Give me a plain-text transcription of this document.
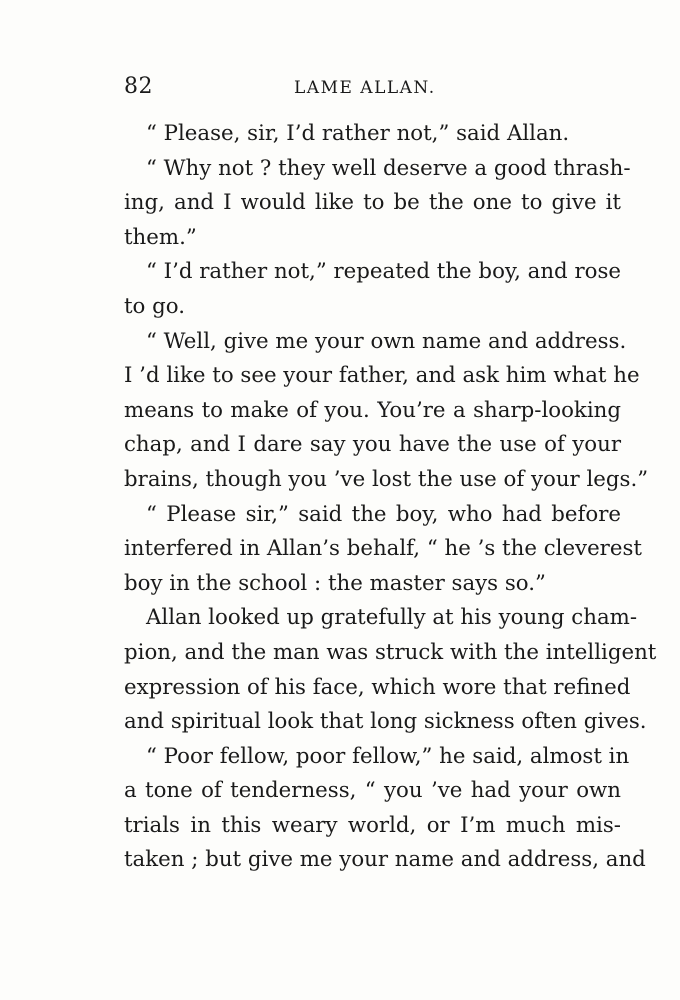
82	LAME ALLAN.
“ Please, sir, I’d rather not,” said Allan.
“ Why not ? they well deserve a good thrash-
ing, and I would like to be the one to give it
them.”
“ I’d rather not,” repeated the boy, and rose
to go.
“ Well, give me your own name and address.
I ’d like to see your father, and ask him what he
means to make of you. You’re a sharp-looking
chap, and I dare say you have the use of your
brains, though you ’ve lost the use of your legs.”
“ Please sir,” said the boy, who had before
interfered in Allan’s behalf, “ he ’s the cleverest
boy in the school : the master says so.”
Allan looked up gratefully at his young cham-
pion, and the man was struck with the intelligent
expression of his face, which wore that refined
and spiritual look that long sickness often gives.
“ Poor fellow, poor fellow,” he said, almost in
a tone of tenderness, “ you ’ve had your own
trials in this weary world, or I’m much mis-
taken ; but give me your name and address, and
